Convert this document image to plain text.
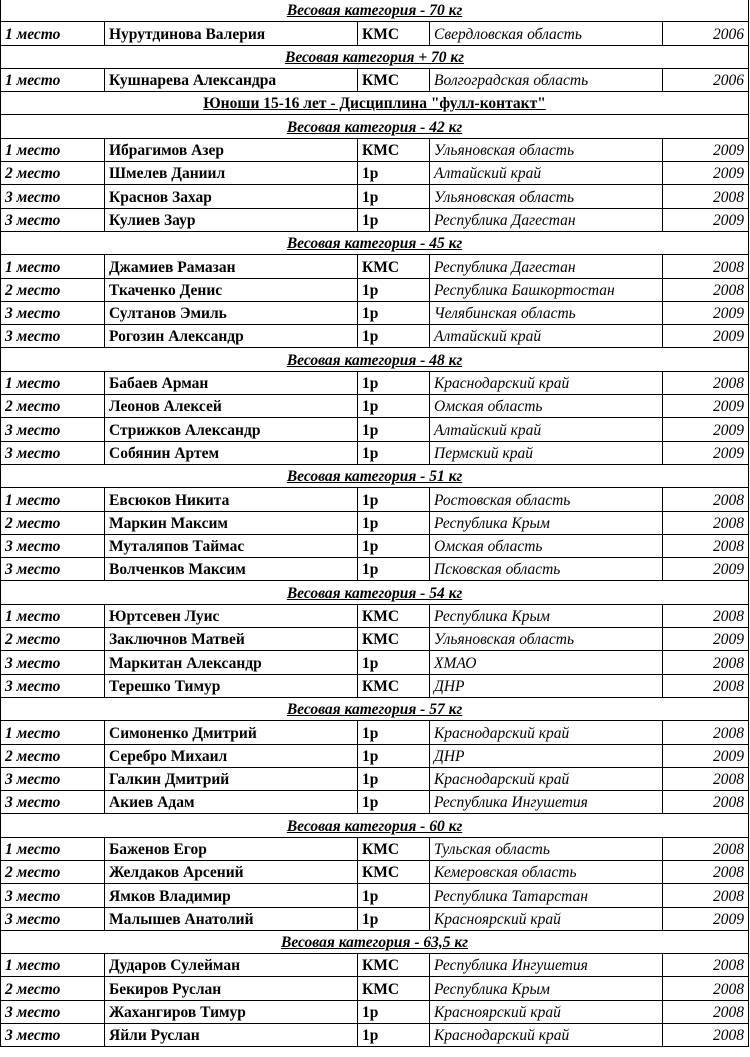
Весовая категория - 70 кг				
1 место	Нурутдинова Валерия	КМС	Свердловская область	2006
Весовая категория + 70 кг				
1 место	Кушнарева Александра	КМС	Волгоградская область	2006
Юноши 15-16 лет - Дисциплина "фулл-контакт"				
Весовая категория - 42 кг				
1 место	Ибрагимов Азер	КМС	Ульяновская область	2009
2 место	Шмелев Даниил	1р	Алтайский край	2009
3 место	Краснов Захар	1р	Ульяновская область	2008
3 место	Кулиев Заур	1р	Республика Дагестан	2009
Весовая категория - 45 кг				
1 место	Джамиев Рамазан	КМС	Республика Дагестан	2008
2 место	Ткаченко Денис	1р	Республика Башкортостан	2008
3 место	Султанов Эмиль	1р	Челябинская область	2009
3 место	Рогозин Александр	1р	Алтайский край	2009
Весовая категория - 48 кг				
1 место	Бабаев Арман	1р	Краснодарский край	2008
2 место	Леонов Алексей	1р	Омская область	2009
3 место	Стрижков Александр	1р	Алтайский край	2009
3 место	Собянин Артем	1р	Пермский край	2009
Весовая категория - 51 кг				
1 место	Евсюков Никита	1р	Ростовская область	2008
2 место	Маркин Максим	1р	Республика Крым	2008
3 место	Муталяпов Таймас	1р	Омская область	2008
3 место	Волченков Максим	1р	Псковская область	2009
Весовая категория - 54 кг				
1 место	Юртсевен Луис	КМС	Республика Крым	2008
2 место	Заключнов Матвей	КМС	Ульяновская область	2009
3 место	Маркитан Александр	1р	ХМАО	2008
3 место	Терешко Тимур	КМС	ДНР	2008
Весовая категория - 57 кг				
1 место	Симоненко Дмитрий	1р	Краснодарский край	2008
2 место	Серебро Михаил	1р	ДНР	2009
3 место	Галкин Дмитрий	1р	Краснодарский край	2008
3 место	Акиев Адам	1р	Республика Ингушетия	2008
Весовая категория - 60 кг				
1 место	Баженов Егор	КМС	Тульская область	2008
2 место	Желдаков Арсений	КМС	Кемеровская область	2008
3 место	Ямков Владимир	1р	Республика Татарстан	2008
3 место	Малышев Анатолий	1р	Красноярский край	2009
Весовая категория - 63,5 кг				
1 место	Дударов Сулейман	КМС	Республика Ингушетия	2008
2 место	Бекиров Руслан	КМС	Республика Крым	2008
3 место	Жахангиров Тимур	1р	Красноярский край	2008
3 место	Яйли Руслан	1р	Краснодарский край	2008
